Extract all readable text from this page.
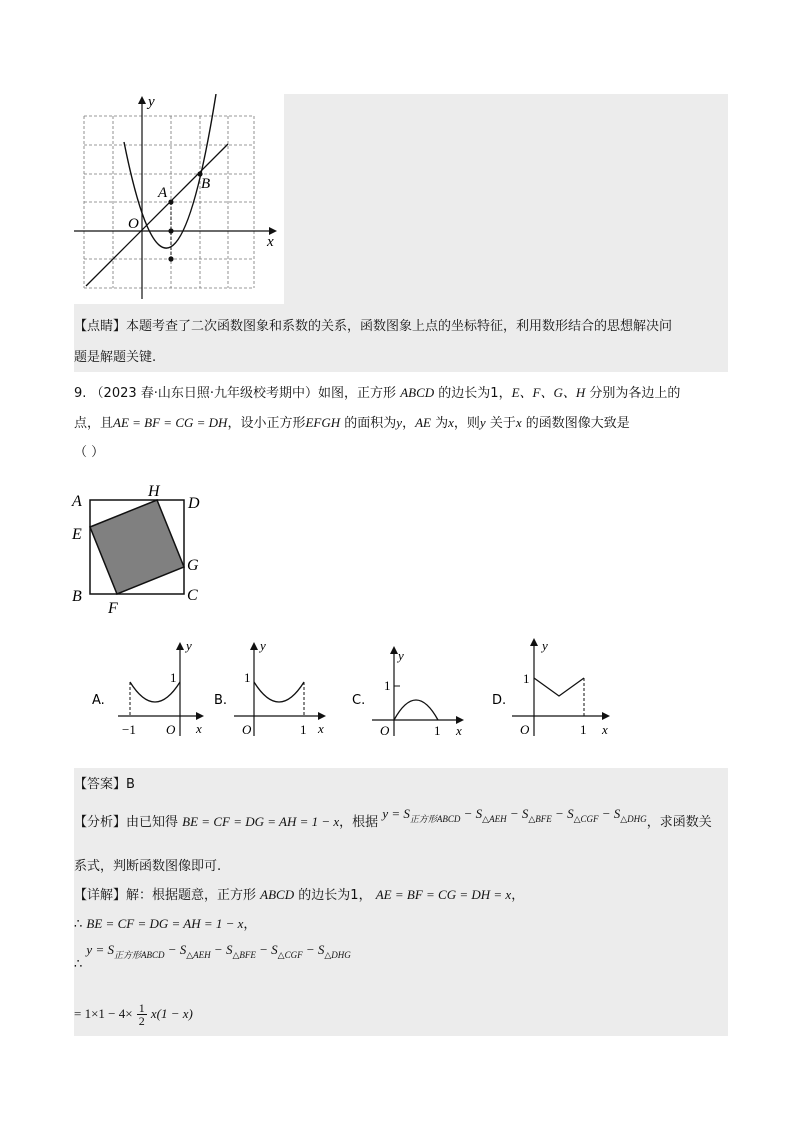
y
x
O
A
B
【点睛】本题考查了二次函数图象和系数的关系，函数图象上点的坐标特征，利用数形结合的思想解决问
题是解题关键.
9. （2023 春·山东日照·九年级校考期中）如图，正方形 ABCD 的边长为1，E、F、G、H 分别为各边上的
点，且AE = BF = CG = DH，设小正方形EFGH 的面积为y，AE 为x，则y 关于x 的函数图像大致是
（ ）
A
H
D
E
G
B
F
C
A.
y
1
−1 O x
B.
y
1
O	1 x
C.
y
1
O	1 x
D.
y
1
O	1 x
【答案】B
【分析】由已知得 BE = CF = DG = AH = 1 − x，根据 $y = S_{正方形ABCD} - S_{\triangle AEH} - S_{\triangle BFE} - S_{\triangle CGF} - S_{\triangle DHG}$，求函数关
系式，判断函数图像即可.
【详解】解：根据题意，正方形 ABCD 的边长为1， AE = BF = CG = DH = x，
∴ BE = CF = DG = AH = 1 − x，
∴ $y = S_{正方形ABCD} - S_{\triangle AEH} - S_{\triangle BFE} - S_{\triangle CGF} - S_{\triangle DHG}$
= $1\times 1 - 4\times \frac{1}{2} x(1 - x)$
